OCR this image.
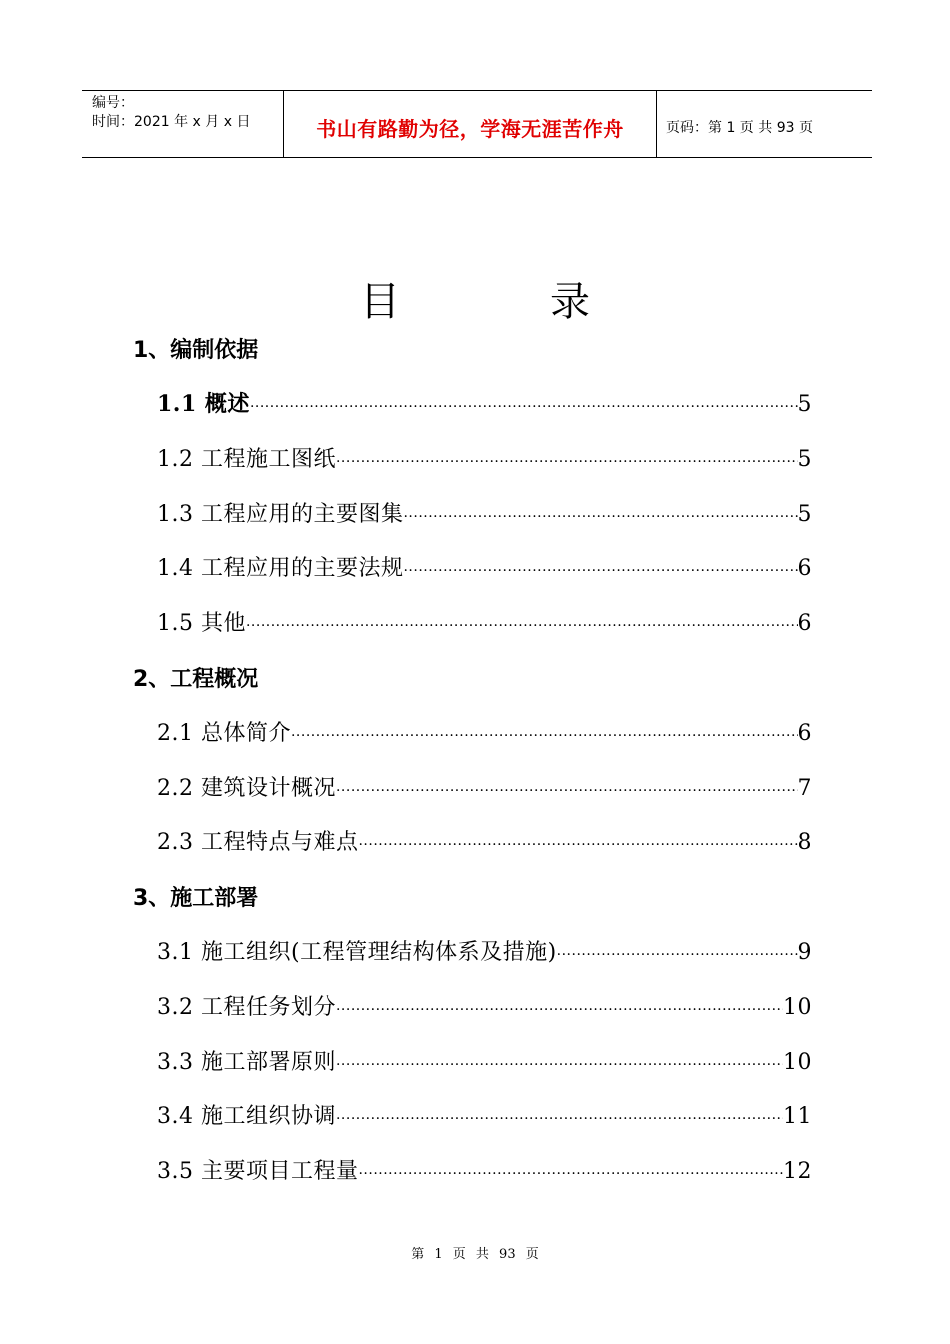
编号：
时间：2021 年 x 月 x 日	书山有路勤为径，学海无涯苦作舟	页码：第 1 页 共 93 页
目录
1、编制依据
1.1 概述 ·····	5
1.2 工程施工图纸 ·····	5
1.3 工程应用的主要图集 ·····	5
1.4 工程应用的主要法规 ·····	6
1.5 其他 ·····	6
2、工程概况
2.1 总体简介 ·····	6
2.2 建筑设计概况 ·····	7
2.3 工程特点与难点 ·····	8
3、施工部署
3.1 施工组织(工程管理结构体系及措施) ·····	9
3.2 工程任务划分 ·····	10
3.3 施工部署原则 ·····	10
3.4 施工组织协调 ·····	11
3.5 主要项目工程量 ·····	12
第 1 页 共 93 页
